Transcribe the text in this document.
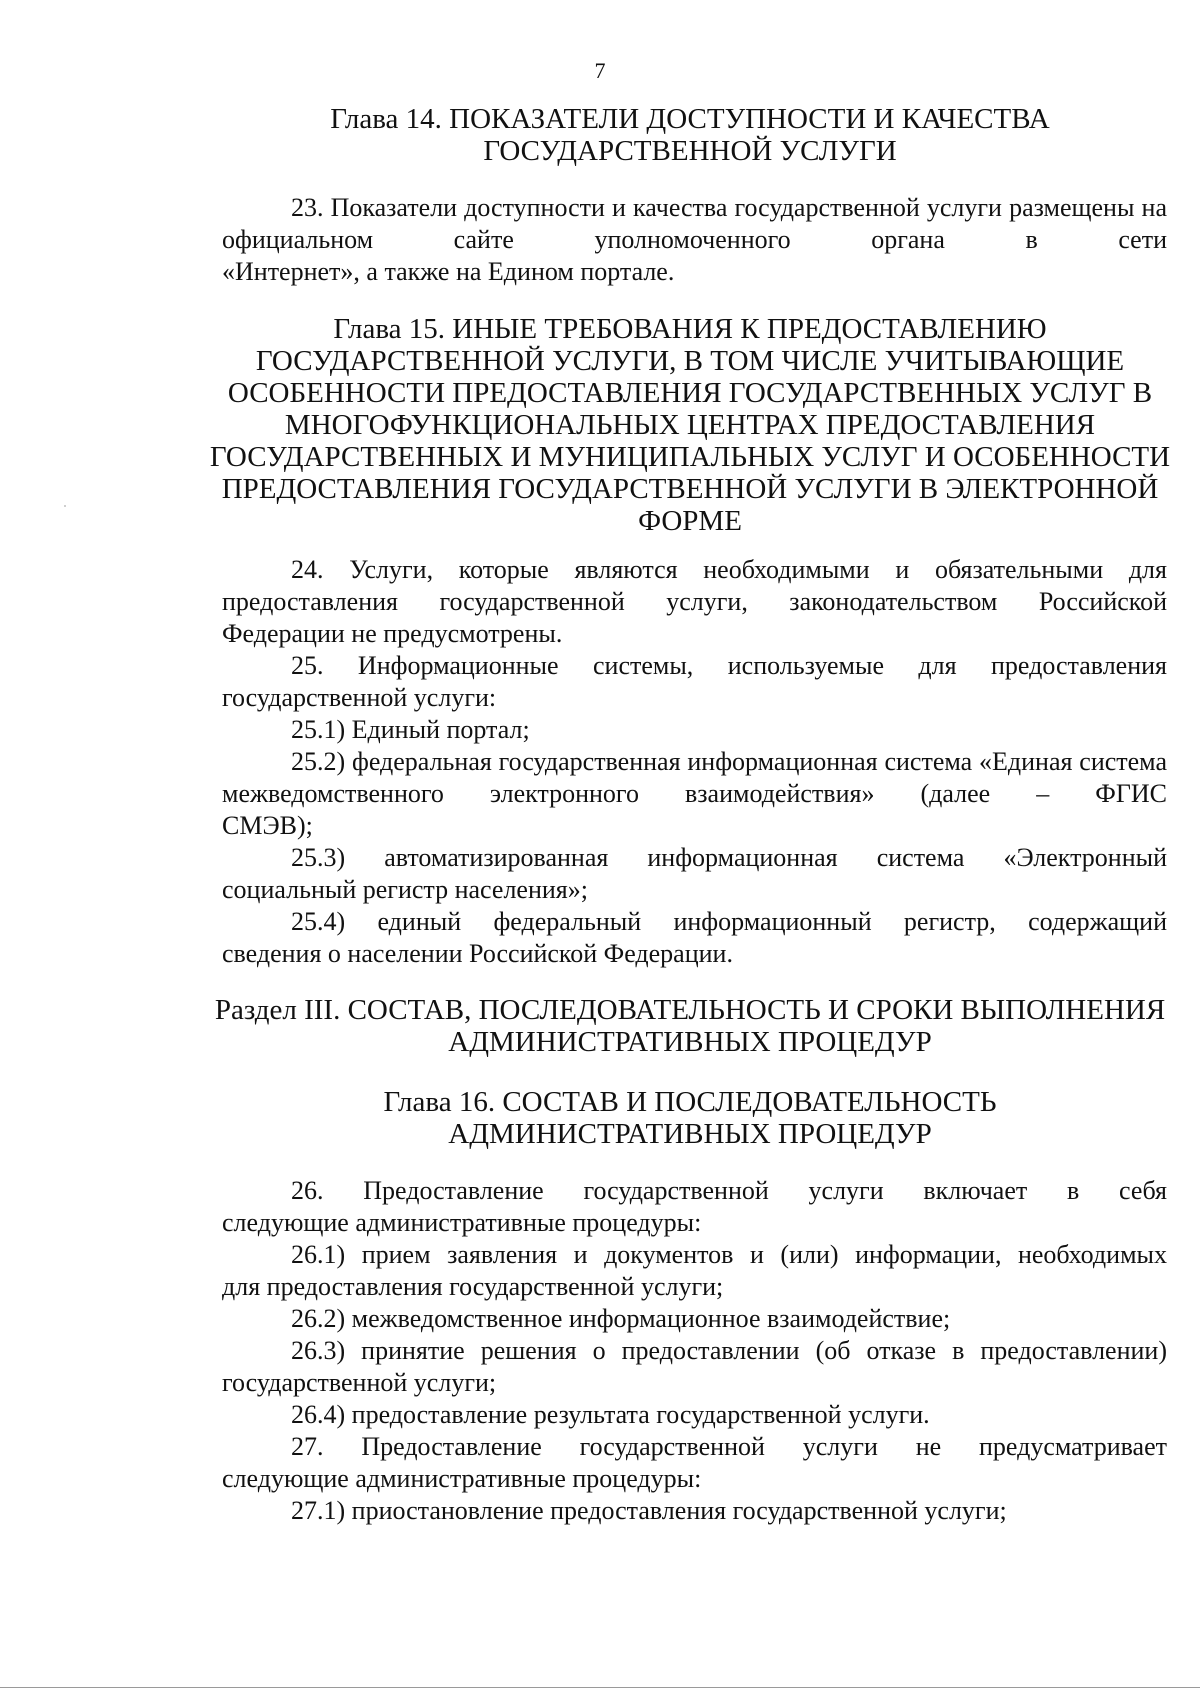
7
Глава 14. ПОКАЗАТЕЛИ ДОСТУПНОСТИ И КАЧЕСТВА
ГОСУДАРСТВЕННОЙ УСЛУГИ

23. Показатели доступности и качества государственной услуги размещены на официальном сайте уполномоченного органа в сети
«Интернет», а также на Едином портале.

Глава 15. ИНЫЕ ТРЕБОВАНИЯ К ПРЕДОСТАВЛЕНИЮ
ГОСУДАРСТВЕННОЙ УСЛУГИ, В ТОМ ЧИСЛЕ УЧИТЫВАЮЩИЕ
ОСОБЕННОСТИ ПРЕДОСТАВЛЕНИЯ ГОСУДАРСТВЕННЫХ УСЛУГ В
МНОГОФУНКЦИОНАЛЬНЫХ ЦЕНТРАХ ПРЕДОСТАВЛЕНИЯ
ГОСУДАРСТВЕННЫХ И МУНИЦИПАЛЬНЫХ УСЛУГ И ОСОБЕННОСТИ
ПРЕДОСТАВЛЕНИЯ ГОСУДАРСТВЕННОЙ УСЛУГИ В ЭЛЕКТРОННОЙ
ФОРМЕ

24. Услуги, которые являются необходимыми и обязательными для предоставления государственной услуги, законодательством Российской
Федерации не предусмотрены.

25. Информационные системы, используемые для предоставления
государственной услуги:

25.1) Единый портал;

25.2) федеральная государственная информационная система «Единая система межведомственного электронного взаимодействия» (далее – ФГИС
СМЭВ);

25.3) автоматизированная информационная система «Электронный
социальный регистр населения»;

25.4) единый федеральный информационный регистр, содержащий
сведения о населении Российской Федерации.

Раздел III. СОСТАВ, ПОСЛЕДОВАТЕЛЬНОСТЬ И СРОКИ ВЫПОЛНЕНИЯ
АДМИНИСТРАТИВНЫХ ПРОЦЕДУР
Глава 16. СОСТАВ И ПОСЛЕДОВАТЕЛЬНОСТЬ
АДМИНИСТРАТИВНЫХ ПРОЦЕДУР

26. Предоставление государственной услуги включает в себя
следующие административные процедуры:

26.1) прием заявления и документов и (или) информации, необходимых
для предоставления государственной услуги;

26.2) межведомственное информационное взаимодействие;

26.3) принятие решения о предоставлении (об отказе в предоставлении)
государственной услуги;

26.4) предоставление результата государственной услуги.

27. Предоставление государственной услуги не предусматривает
следующие административные процедуры:

27.1) приостановление предоставления государственной услуги;
